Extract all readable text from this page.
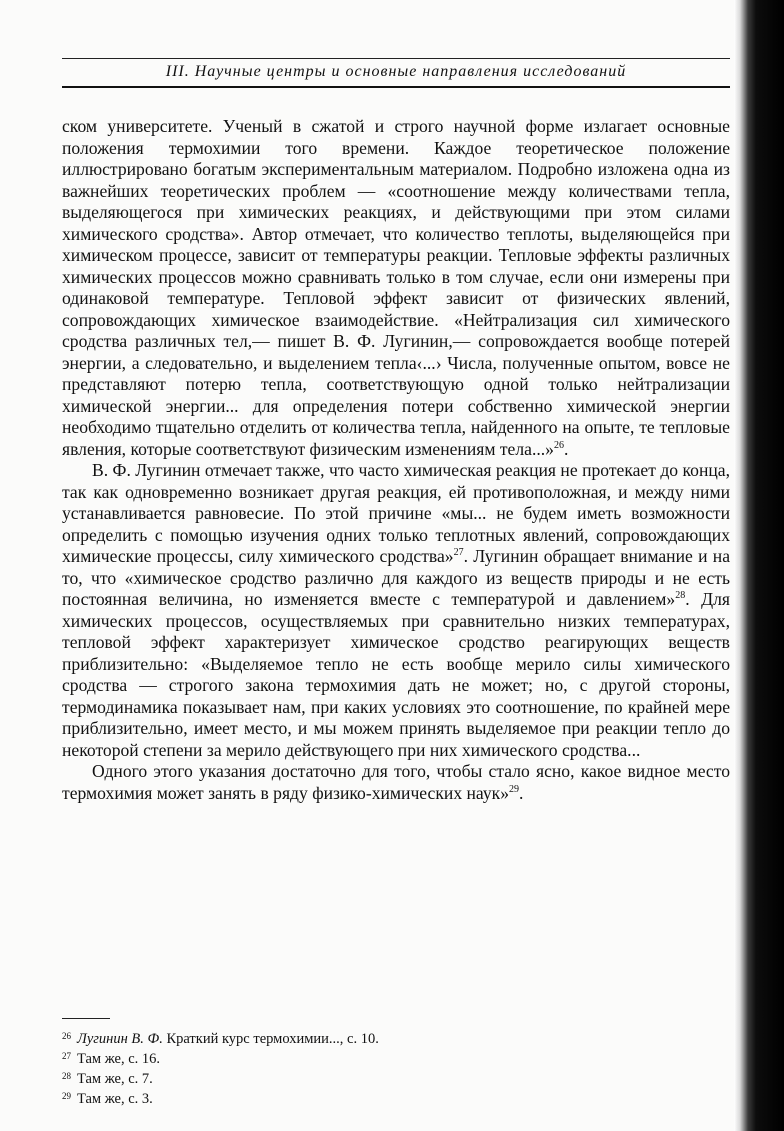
III. Научные центры и основные направления исследований

ском университете. Ученый в сжатой и строго научной форме излагает основные положения термохимии того времени. Каждое теоретическое положение иллюстрировано богатым экспериментальным материалом. Подробно изложена одна из важнейших теоретических проблем — «соотношение между количествами тепла, выделяющегося при химических реакциях, и действующими при этом силами химического сродства». Автор отмечает, что количество теплоты, выделяющейся при химическом процессе, зависит от температуры реакции. Тепловые эффекты различных химических процессов можно сравнивать только в том случае, если они измерены при одинаковой температуре. Тепловой эффект зависит от физических явлений, сопровождающих химическое взаимодействие. «Нейтрализация сил химического сродства различных тел,— пишет В. Ф. Лугинин,— сопровождается вообще потерей энергии, а следовательно, и выделением тепла‹...› Числа, полученные опытом, вовсе не представляют потерю тепла, соответствующую одной только нейтрализации химической энергии... для определения потери собственно химической энергии необходимо тщательно отделить от количества тепла, найденного на опыте, те тепловые явления, которые соответствуют физическим изменениям тела...»$^{26}$.

В. Ф. Лугинин отмечает также, что часто химическая реакция не протекает до конца, так как одновременно возникает другая реакция, ей противоположная, и между ними устанавливается равновесие. По этой причине «мы... не будем иметь возможности определить с помощью изучения одних только теплотных явлений, сопровождающих химические процессы, силу химического сродства»$^{27}$. Лугинин обращает внимание и на то, что «химическое сродство различно для каждого из веществ природы и не есть постоянная величина, но изменяется вместе с температурой и давлением»$^{28}$. Для химических процессов, осуществляемых при сравнительно низких температурах, тепловой эффект характеризует химическое сродство реагирующих веществ приблизительно: «Выделяемое тепло не есть вообще мерило силы химического сродства — строгого закона термохимия дать не может; но, с другой стороны, термодинамика показывает нам, при каких условиях это соотношение, по крайней мере приблизительно, имеет место, и мы можем принять выделяемое при реакции тепло до некоторой степени за мерило действующего при них химического сродства...

Одного этого указания достаточно для того, чтобы стало ясно, какое видное место термохимия может занять в ряду физико-химических наук»$^{29}$.

$^{26}$ Лугинин В. Ф. Краткий курс термохимии..., с. 10.
$^{27}$ Там же, с. 16.
$^{28}$ Там же, с. 7.
$^{29}$ Там же, с. 3.
